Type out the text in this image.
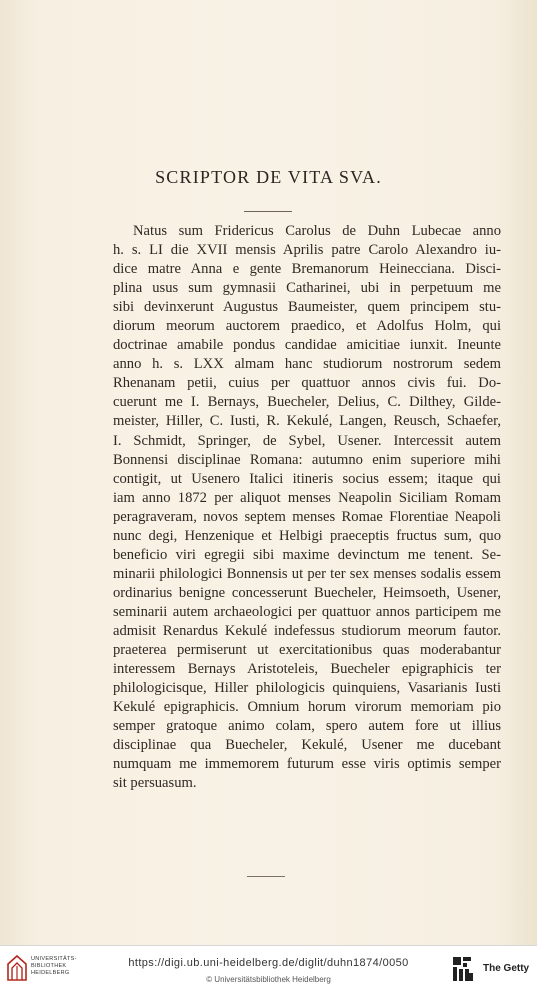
SCRIPTOR DE VITA SVA.
Natus sum Fridericus Carolus de Duhn Lubecae anno
h. s. LI die XVII mensis Aprilis patre Carolo Alexandro iu-
dice matre Anna e gente Bremanorum Heinecciana. Disci-
plina usus sum gymnasii Catharinei, ubi in perpetuum me
sibi devinxerunt Augustus Baumeister, quem principem stu-
diorum meorum auctorem praedico, et Adolfus Holm, qui
doctrinae amabile pondus candidae amicitiae iunxit. Ineunte
anno h. s. LXX almam hanc studiorum nostrorum sedem
Rhenanam petii, cuius per quattuor annos civis fui. Do-
cuerunt me I. Bernays, Buecheler, Delius, C. Dilthey, Gilde-
meister, Hiller, C. Iusti, R. Kekulé, Langen, Reusch, Schaefer,
I. Schmidt, Springer, de Sybel, Usener. Intercessit autem
Bonnensi disciplinae Romana: autumno enim superiore mihi
contigit, ut Usenero Italici itineris socius essem; itaque qui
iam anno 1872 per aliquot menses Neapolin Siciliam Romam
peragraveram, novos septem menses Romae Florentiae Neapoli
nunc degi, Henzenique et Helbigi praeceptis fructus sum, quo
beneficio viri egregii sibi maxime devinctum me tenent. Se-
minarii philologici Bonnensis ut per ter sex menses sodalis essem
ordinarius benigne concesserunt Buecheler, Heimsoeth, Usener,
seminarii autem archaeologici per quattuor annos participem me
admisit Renardus Kekulé indefessus studiorum meorum fautor.
praeterea permiserunt ut exercitationibus quas moderabantur
interessem Bernays Aristoteleis, Buecheler epigraphicis ter
philologicisque, Hiller philologicis quinquiens, Vasarianis Iusti
Kekulé epigraphicis. Omnium horum virorum memoriam pio
semper gratoque animo colam, spero autem fore ut illius
disciplinae qua Buecheler, Kekulé, Usener me ducebant
numquam me immemorem futurum esse viris optimis semper
sit persuasum.
UNIVERSITÄTS-
BIBLIOTHEK
HEIDELBERG
https://digi.ub.uni-heidelberg.de/diglit/duhn1874/0050
© Universitätsbibliothek Heidelberg
The Getty
